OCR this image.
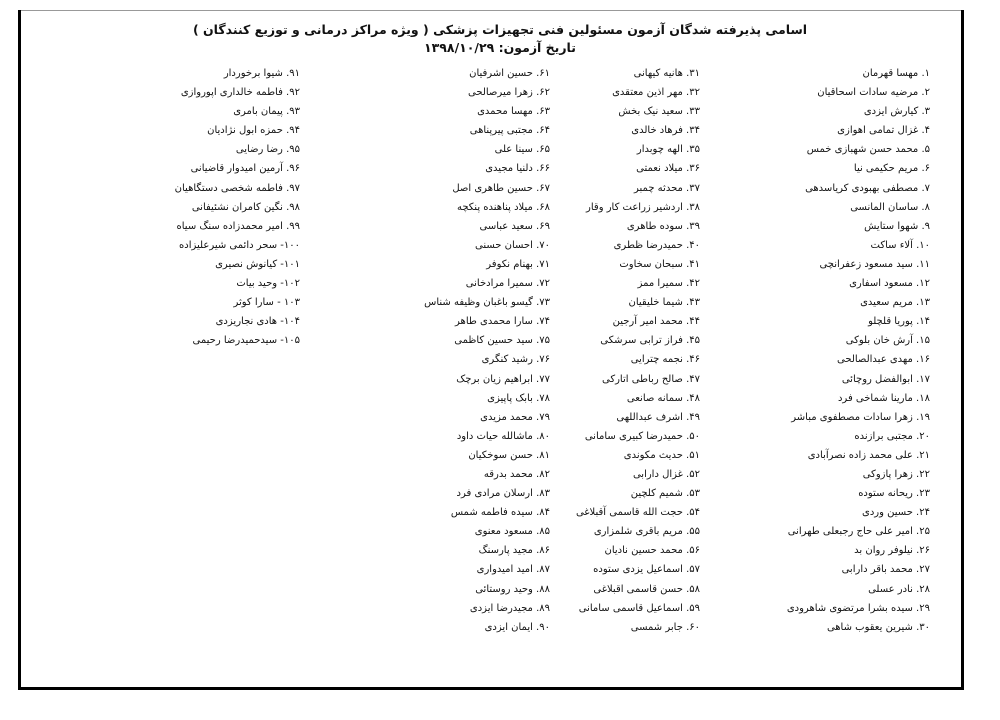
اسامی پذیرفته شدگان آزمون مسئولین فنی تجهیزات پزشکی ( ویژه مراکز درمانی و توزیع کنندگان )
تاریخ آزمون: ۱۳۹۸/۱۰/۲۹
۱. مهسا قهرمان
۲. مرضیه سادات اسحاقیان
۳. کیارش ایزدی
۴. غزال تمامی اهوازی
۵. محمد حسن شهبازی خمس
۶. مریم حکیمی نیا
۷. مصطفی بهبودی کریاسدهی
۸. ساسان المانسی
۹. شهوا ستایش
۱۰. آلاء ساکت
۱۱. سید مسعود زعفرانچی
۱۲. مسعود اسفاری
۱۳. مریم سعیدی
۱۴. پوریا قلچلو
۱۵. آرش خان بلوکی
۱۶. مهدی عبدالصالحی
۱۷. ابوالفضل روچائی
۱۸. مارینا شماخی فرد
۱۹. زهرا سادات مصطفوی مباشر
۲۰. مجتبی برازنده
۲۱. علی محمد زاده نصرآبادی
۲۲. زهرا پازوکی
۲۳. ریحانه ستوده
۲۴. حسین وردی
۲۵. امیر علی حاج رجبعلی طهرانی
۲۶. نیلوفر روان بد
۲۷. محمد باقر دارابی
۲۸. نادر عسلی
۲۹. سیده بشرا مرتضوی شاهرودی
۳۰. شیرین یعقوب شاهی
۳۱. هانیه کیهانی
۳۲. مهر اذین معتقدی
۳۳. سعید نیک بخش
۳۴. فرهاد خالدی
۳۵. الهه چوبدار
۳۶. میلاد نعمتی
۳۷. محدثه چمبر
۳۸. اردشیر زراعت کار وقار
۳۹. سوده طاهری
۴۰. حمیدرضا ظطری
۴۱. سبحان سخاوت
۴۲. سمیرا ممز
۴۳. شیما خلیقیان
۴۴. محمد امیر آرجین
۴۵. فراز ترابی سرشکی
۴۶. نجمه چترایی
۴۷. صالح رباطی اتارکی
۴۸. سمانه صانعی
۴۹. اشرف عبداللهی
۵۰. حمیدرضا کبیری سامانی
۵۱. حدیث مکوندی
۵۲. غزال دارابی
۵۳. شمیم کلچین
۵۴. حجت الله قاسمی آقبلاغی
۵۵. مریم باقری شلمزاری
۵۶. محمد حسین نادیان
۵۷. اسماعیل یزدی ستوده
۵۸. حسن قاسمی اقبلاغی
۵۹. اسماعیل قاسمی سامانی
۶۰. جابر شمسی
۶۱. حسین اشرفیان
۶۲. زهرا میرصالحی
۶۳. مهسا محمدی
۶۴. مجتبی پیرپناهی
۶۵. سینا علی
۶۶. دلنیا مجیدی
۶۷. حسین طاهری اصل
۶۸. میلاد پناهنده پنکچه
۶۹. سعید عباسی
۷۰. احسان حسنی
۷۱. بهنام نکوفر
۷۲. سمیرا مرادخانی
۷۳. گیسو باغبان وظیفه شناس
۷۴. سارا محمدی طاهر
۷۵. سید حسین کاظمی
۷۶. رشید کنگری
۷۷. ابراهیم زیان برچک
۷۸. بابک پاپیزی
۷۹. محمد مزیدی
۸۰. ماشالله حیات داود
۸۱. حسن سوخکیان
۸۲. محمد بدرقه
۸۳. ارسلان مرادی فرد
۸۴. سیده فاطمه شمس
۸۵. مسعود معنوی
۸۶. مجید پارسنگ
۸۷. امید امیدواری
۸۸. وحید روستائی
۸۹. مجیدرضا ایزدی
۹۰. ایمان ایزدی
۹۱. شیوا برخوردار
۹۲. فاطمه خالداری اپوروازی
۹۳. پیمان بامری
۹۴. حمزه ابول نژادیان
۹۵. رضا رضایی
۹۶. آرمین امیدوار قاضیانی
۹۷. فاطمه شخصی دستگاهیان
۹۸. نگین کامران نشئیفانی
۹۹. امیر محمدزاده سنگ سیاه
۱۰۰- سحر دائمی شیرعلیزاده
۱۰۱- کیانوش نصیری
۱۰۲- وحید بیات
۱۰۳ - سارا کوثر
۱۰۴- هادی نجاریزدی
۱۰۵- سیدحمیدرضا رحیمی
